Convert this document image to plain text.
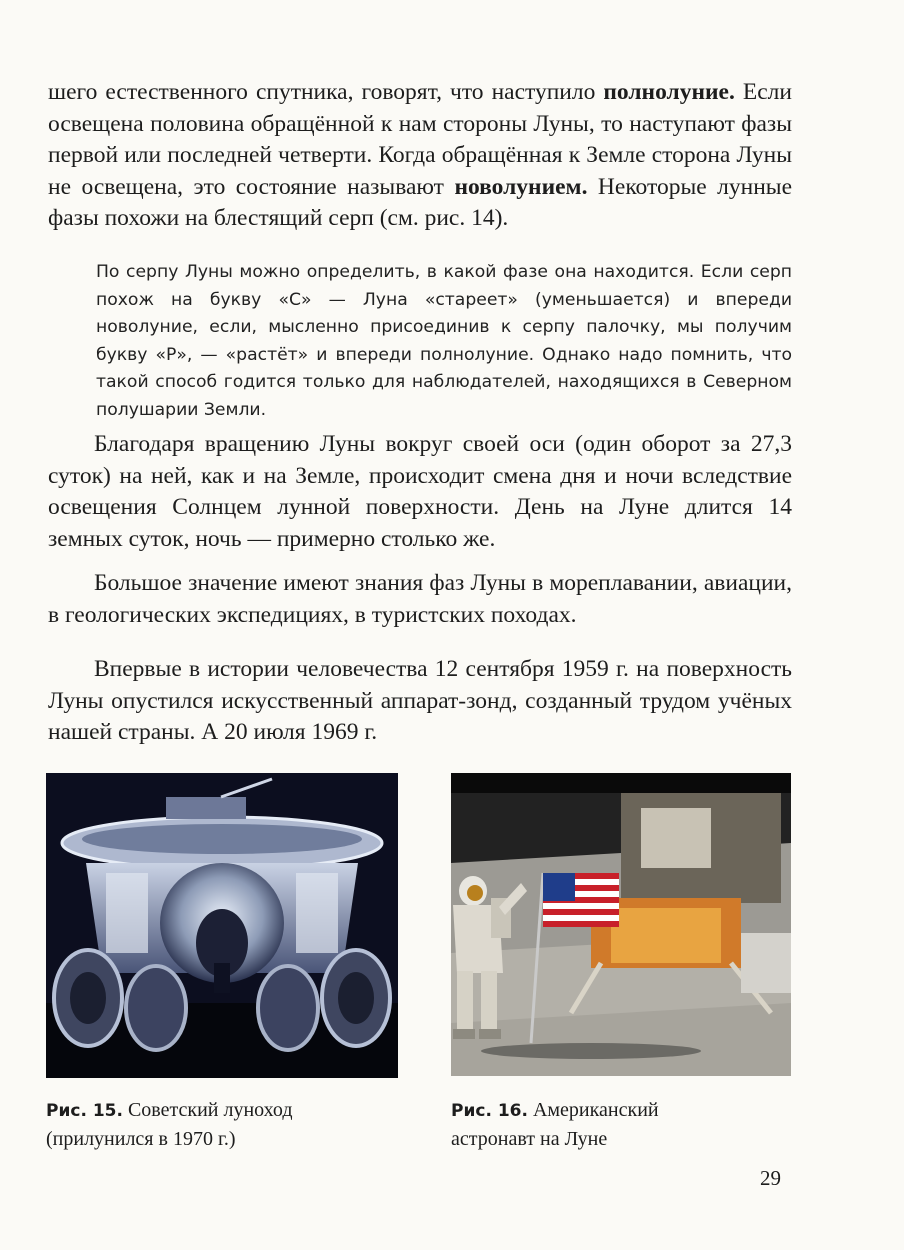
шего естественного спутника, говорят, что наступило полнолуние. Если освещена половина обращённой к нам стороны Луны, то наступают фазы первой или последней четверти. Когда обращённая к Земле сторона Луны не освещена, это состояние называют новолунием. Некоторые лунные фазы похожи на блестящий серп (см. рис. 14).

По серпу Луны можно определить, в какой фазе она находится. Если серп похож на букву «С» — Луна «стареет» (уменьшается) и впереди новолуние, если, мысленно присоединив к серпу палочку, мы получим букву «Р», — «растёт» и впереди полнолуние. Однако надо помнить, что такой способ годится только для наблюдателей, находящихся в Северном полушарии Земли.

Благодаря вращению Луны вокруг своей оси (один оборот за 27,3 суток) на ней, как и на Земле, происходит смена дня и ночи вследствие освещения Солнцем лунной поверхности. День на Луне длится 14 земных суток, ночь — примерно столько же.

Большое значение имеют знания фаз Луны в мореплавании, авиации, в геологических экспедициях, в туристских походах.

Впервые в истории человечества 12 сентября 1959 г. на поверхность Луны опустился искусственный аппарат-зонд, созданный трудом учёных нашей страны. А 20 июля 1969 г.

Рис. 15. Советский луноход
(прилунился в 1970 г.)
Рис. 16. Американский
астронавт на Луне
29
